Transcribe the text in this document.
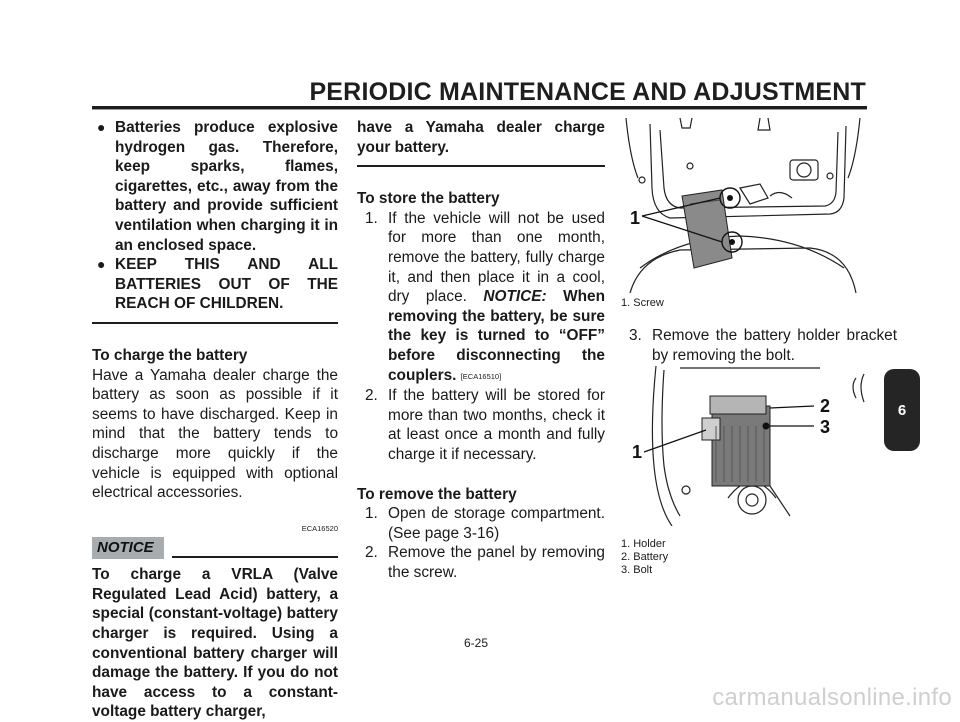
PERIODIC MAINTENANCE AND ADJUSTMENT
● Batteries produce explosive hydrogen gas. Therefore, keep sparks, flames, cigarettes, etc., away from the battery and provide sufficient ventilation when charging it in an enclosed space.
● KEEP THIS AND ALL BATTERIES OUT OF THE REACH OF CHILDREN.
To charge the battery
Have a Yamaha dealer charge the battery as soon as possible if it seems to have discharged. Keep in mind that the battery tends to discharge more quickly if the vehicle is equipped with optional electrical accessories.
ECA16520
NOTICE
To charge a VRLA (Valve Regulated Lead Acid) battery, a special (constant-voltage) battery charger is required. Using a conventional battery charger will damage the battery. If you do not have access to a constant-voltage battery charger,
have a Yamaha dealer charge your battery.
To store the battery
1. If the vehicle will not be used for more than one month, remove the battery, fully charge it, and then place it in a cool, dry place. NOTICE: When removing the battery, be sure the key is turned to “OFF” before disconnecting the couplers. [ECA16510]
2. If the battery will be stored for more than two months, check it at least once a month and fully charge it if necessary.
To remove the battery
1. Open de storage compartment. (See page 3-16)
2. Remove the panel by removing the screw.
1
1. Screw
3. Remove the battery holder bracket by removing the bolt.
1
2
3
1. Holder
2. Battery
3. Bolt
6
6-25
carmanualsonline.info
